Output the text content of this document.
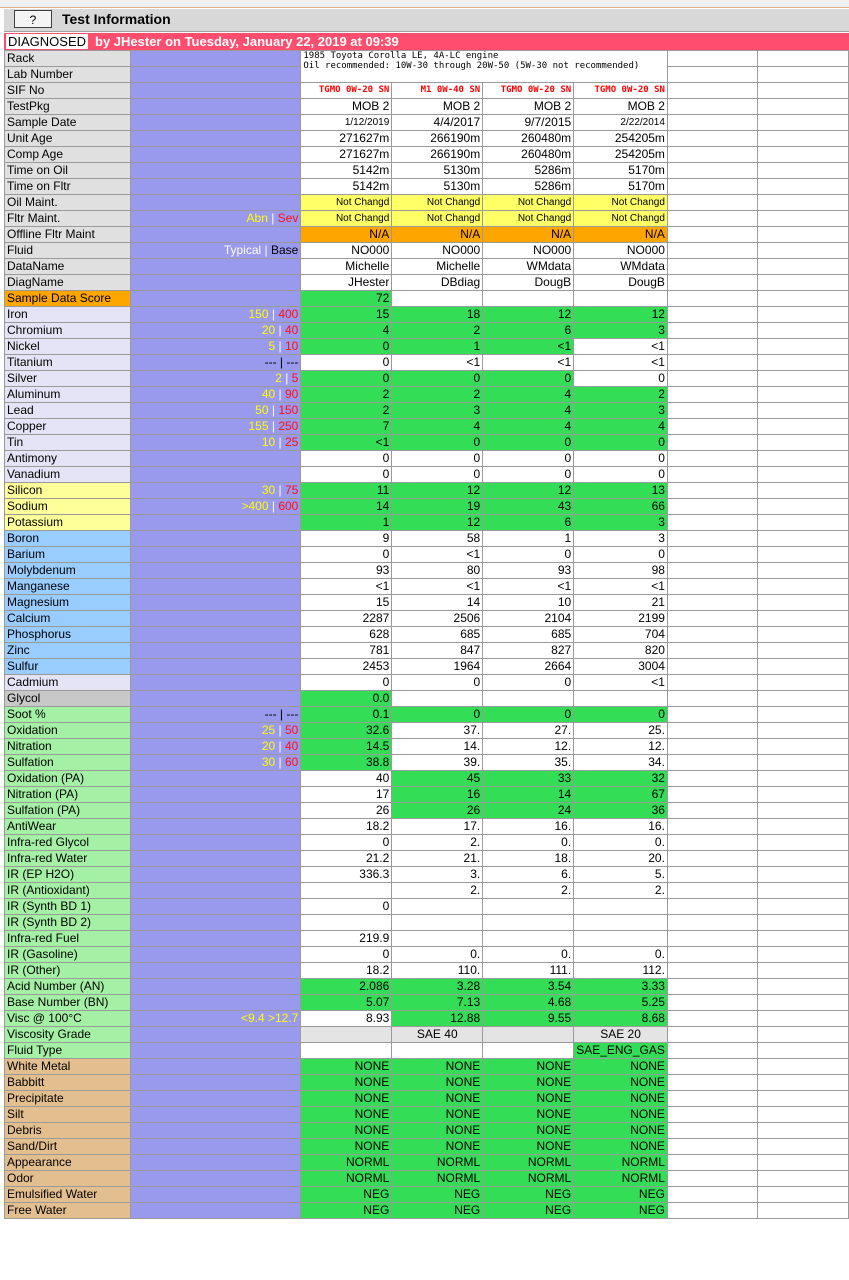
?	Test Information
DIAGNOSED by JHester on Tuesday, January 22, 2019 at 09:39
Rack		1985 Toyota Corolla LE, 4A-LC engine
Oil recommended: 10W-30 through 20W-50 (5W-30 not recommended)					

Lab Number							
SIF No		TGMO 0W-20 SN	M1 0W-40 SN	TGMO 0W-20 SN	TGMO 0W-20 SN		
TestPkg		MOB 2	MOB 2	MOB 2	MOB 2		
Sample Date		1/12/2019	4/4/2017	9/7/2015	2/22/2014		
Unit Age		271627m	266190m	260480m	254205m		
Comp Age		271627m	266190m	260480m	254205m		
Time on Oil		5142m	5130m	5286m	5170m		
Time on Fltr		5142m	5130m	5286m	5170m		
Oil Maint.		Not Changd	Not Changd	Not Changd	Not Changd		
Fltr Maint.	Abn | Sev	Not Changd	Not Changd	Not Changd	Not Changd		
Offline Fltr Maint		N/A	N/A	N/A	N/A		
Fluid	Typical | Base	NO000	NO000	NO000	NO000		
DataName		Michelle	Michelle	WMdata	WMdata		
DiagName		JHester	DBdiag	DougB	DougB		
Sample Data Score		72					
Iron	150 | 400	15	18	12	12		
Chromium	20 | 40	4	2	6	3		
Nickel	5 | 10	0	1	<1	<1		
Titanium	--- | ---	0	<1	<1	<1		
Silver	2 | 5	0	0	0	0		
Aluminum	40 | 90	2	2	4	2		
Lead	50 | 150	2	3	4	3		
Copper	155 | 250	7	4	4	4		
Tin	10 | 25	<1	0	0	0		
Antimony		0	0	0	0		
Vanadium		0	0	0	0		
Silicon	30 | 75	11	12	12	13		
Sodium	>400 | 600	14	19	43	66		
Potassium		1	12	6	3		
Boron		9	58	1	3		
Barium		0	<1	0	0		
Molybdenum		93	80	93	98		
Manganese		<1	<1	<1	<1		
Magnesium		15	14	10	21		
Calcium		2287	2506	2104	2199		
Phosphorus		628	685	685	704		
Zinc		781	847	827	820		
Sulfur		2453	1964	2664	3004		
Cadmium		0	0	0	<1		
Glycol		0.0					
Soot %	--- | ---	0.1	0	0	0		
Oxidation	25 | 50	32.6	37.	27.	25.		
Nitration	20 | 40	14.5	14.	12.	12.		
Sulfation	30 | 60	38.8	39.	35.	34.		
Oxidation (PA)		40	45	33	32		
Nitration (PA)		17	16	14	67		
Sulfation (PA)		26	26	24	36		
AntiWear		18.2	17.	16.	16.		
Infra-red Glycol		0	2.	0.	0.		
Infra-red Water		21.2	21.	18.	20.		
IR (EP H2O)		336.3	3.	6.	5.		
IR (Antioxidant)			2.	2.	2.		
IR (Synth BD 1)		0					
IR (Synth BD 2)							
Infra-red Fuel		219.9					
IR (Gasoline)		0	0.	0.	0.		
IR (Other)		18.2	110.	111.	112.		
Acid Number (AN)		2.086	3.28	3.54	3.33		
Base Number (BN)		5.07	7.13	4.68	5.25		
Visc @ 100°C	<9.4 >12.7	8.93	12.88	9.55	8.68		
Viscosity Grade			SAE 40		SAE 20		
Fluid Type					SAE_ENG_GAS		
White Metal		NONE	NONE	NONE	NONE		
Babbitt		NONE	NONE	NONE	NONE		
Precipitate		NONE	NONE	NONE	NONE		
Silt		NONE	NONE	NONE	NONE		
Debris		NONE	NONE	NONE	NONE		
Sand/Dirt		NONE	NONE	NONE	NONE		
Appearance		NORML	NORML	NORML	NORML		
Odor		NORML	NORML	NORML	NORML		
Emulsified Water		NEG	NEG	NEG	NEG		
Free Water		NEG	NEG	NEG	NEG		
